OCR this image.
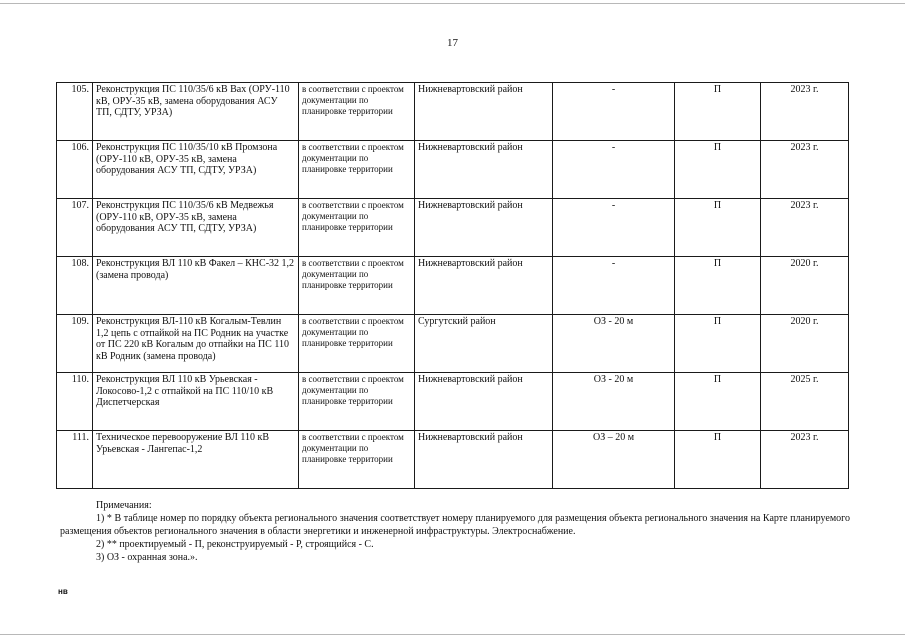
17
105.	Реконструкция ПС 110/35/6 кВ Вах (ОРУ-110 кВ, ОРУ-35 кВ, замена оборудования АСУ ТП, СДТУ, УРЗА)	в соответствии с проектом документации по планировке территории	Нижневартовский район	-	П	2023 г.
106.	Реконструкция ПС 110/35/10 кВ Промзона (ОРУ-110 кВ, ОРУ-35 кВ, замена оборудования АСУ ТП, СДТУ, УРЗА)	в соответствии с проектом документации по планировке территории	Нижневартовский район	-	П	2023 г.
107.	Реконструкция ПС 110/35/6 кВ Медвежья (ОРУ-110 кВ, ОРУ-35 кВ, замена оборудования АСУ ТП, СДТУ, УРЗА)	в соответствии с проектом документации по планировке территории	Нижневартовский район	-	П	2023 г.
108.	Реконструкция ВЛ 110 кВ Факел – КНС-32 1,2 (замена провода)	в соответствии с проектом документации по планировке территории	Нижневартовский район	-	П	2020 г.
109.	Реконструкция ВЛ-110 кВ Когалым-Тевлин 1,2 цепь с отпайкой на ПС Родник на участке от ПС 220 кВ Когалым до отпайки на ПС 110 кВ Родник (замена провода)	в соответствии с проектом документации по планировке территории	Сургутский район	ОЗ - 20 м	П	2020 г.
110.	Реконструкция ВЛ 110 кВ Урьевская - Локосово-1,2 с отпайкой на ПС 110/10 кВ Диспетчерская	в соответствии с проектом документации по планировке территории	Нижневартовский район	ОЗ - 20 м	П	2025 г.
111.	Техническое перевооружение ВЛ 110 кВ Урьевская - Лангепас-1,2	в соответствии с проектом документации по планировке территории	Нижневартовский район	ОЗ – 20 м	П	2023 г.

Примечания:

1) * В таблице номер по порядку объекта регионального значения соответствует номеру планируемого для размещения объекта регионального значения на Карте планируемого размещения объектов регионального значения в области энергетики и инженерной инфраструктуры. Электроснабжение.

2) ** проектируемый - П, реконструируемый - Р, строящийся - С.

3) ОЗ - охранная зона.».

нв
